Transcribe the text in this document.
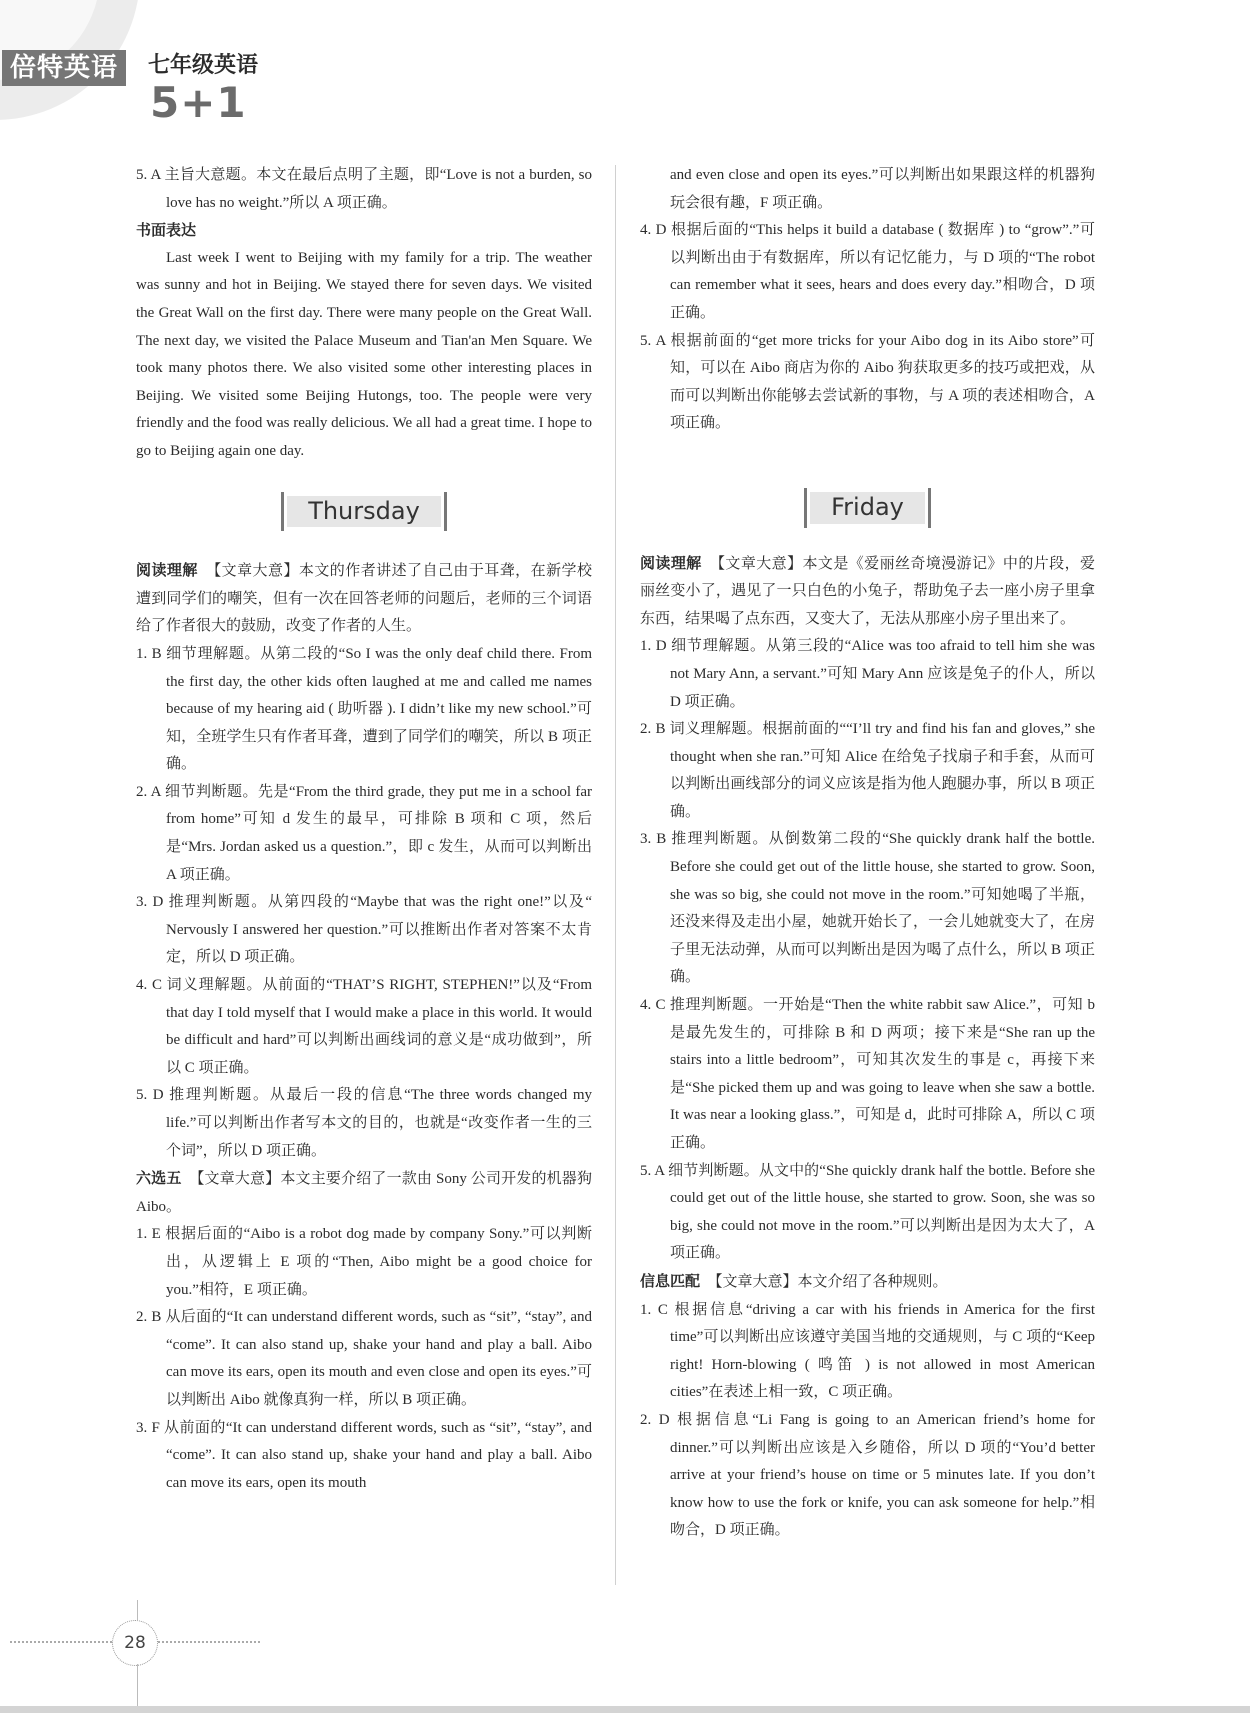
倍特英语	七年级英语
5+1

5. A 主旨大意题。本文在最后点明了主题，即“Love is not a burden, so love has no weight.”所以 A 项正确。

书面表达

Last week I went to Beijing with my family for a trip. The weather was sunny and hot in Beijing. We stayed there for seven days. We visited the Great Wall on the first day. There were many people on the Great Wall. The next day, we visited the Palace Museum and Tian'an Men Square. We took many photos there. We also visited some other interesting places in Beijing. We visited some Beijing Hutongs, too. The people were very friendly and the food was really delicious. We all had a great time. I hope to go to Beijing again one day.

Thursday

阅读理解 【文章大意】本文的作者讲述了自己由于耳聋，在新学校遭到同学们的嘲笑，但有一次在回答老师的问题后，老师的三个词语给了作者很大的鼓励，改变了作者的人生。

1. B 细节理解题。从第二段的“So I was the only deaf child there. From the first day, the other kids often laughed at me and called me names because of my hearing aid ( 助听器 ). I didn’t like my new school.”可知，全班学生只有作者耳聋，遭到了同学们的嘲笑，所以 B 项正确。

2. A 细节判断题。先是“From the third grade, they put me in a school far from home”可知 d 发生的最早，可排除 B 项和 C 项，然后是“Mrs. Jordan asked us a question.”，即 c 发生，从而可以判断出 A 项正确。

3. D 推理判断题。从第四段的“Maybe that was the right one!”以及“ Nervously I answered her question.”可以推断出作者对答案不太肯定，所以 D 项正确。

4. C 词义理解题。从前面的“THAT’S RIGHT, STEPHEN!”以及“From that day I told myself that I would make a place in this world. It would be difficult and hard”可以判断出画线词的意义是“成功做到”，所以 C 项正确。

5. D 推理判断题。从最后一段的信息“The three words changed my life.”可以判断出作者写本文的目的，也就是“改变作者一生的三个词”，所以 D 项正确。

六选五 【文章大意】本文主要介绍了一款由 Sony 公司开发的机器狗 Aibo。

1. E 根据后面的“Aibo is a robot dog made by company Sony.”可以判断出，从逻辑上 E 项的“Then, Aibo might be a good choice for you.”相符，E 项正确。

2. B 从后面的“It can understand different words, such as “sit”, “stay”, and “come”. It can also stand up, shake your hand and play a ball. Aibo can move its ears, open its mouth and even close and open its eyes.”可以判断出 Aibo 就像真狗一样，所以 B 项正确。

3. F 从前面的“It can understand different words, such as “sit”, “stay”, and “come”. It can also stand up, shake your hand and play a ball. Aibo can move its ears, open its mouth

and even close and open its eyes.”可以判断出如果跟这样的机器狗玩会很有趣，F 项正确。

4. D 根据后面的“This helps it build a database ( 数据库 ) to “grow”.”可以判断出由于有数据库，所以有记忆能力，与 D 项的“The robot can remember what it sees, hears and does every day.”相吻合，D 项正确。

5. A 根据前面的“get more tricks for your Aibo dog in its Aibo store”可知，可以在 Aibo 商店为你的 Aibo 狗获取更多的技巧或把戏，从而可以判断出你能够去尝试新的事物，与 A 项的表述相吻合，A 项正确。

Friday

阅读理解 【文章大意】本文是《爱丽丝奇境漫游记》中的片段，爱丽丝变小了，遇见了一只白色的小兔子，帮助兔子去一座小房子里拿东西，结果喝了点东西，又变大了，无法从那座小房子里出来了。

1. D 细节理解题。从第三段的“Alice was too afraid to tell him she was not Mary Ann, a servant.”可知 Mary Ann 应该是兔子的仆人，所以 D 项正确。

2. B 词义理解题。根据前面的““I’ll try and find his fan and gloves,” she thought when she ran.”可知 Alice 在给兔子找扇子和手套，从而可以判断出画线部分的词义应该是指为他人跑腿办事，所以 B 项正确。

3. B 推理判断题。从倒数第二段的“She quickly drank half the bottle. Before she could get out of the little house, she started to grow. Soon, she was so big, she could not move in the room.”可知她喝了半瓶，还没来得及走出小屋，她就开始长了，一会儿她就变大了，在房子里无法动弹，从而可以判断出是因为喝了点什么，所以 B 项正确。

4. C 推理判断题。一开始是“Then the white rabbit saw Alice.”，可知 b 是最先发生的，可排除 B 和 D 两项；接下来是“She ran up the stairs into a little bedroom”，可知其次发生的事是 c，再接下来是“She picked them up and was going to leave when she saw a bottle. It was near a looking glass.”，可知是 d，此时可排除 A，所以 C 项正确。

5. A 细节判断题。从文中的“She quickly drank half the bottle. Before she could get out of the little house, she started to grow. Soon, she was so big, she could not move in the room.”可以判断出是因为太大了，A 项正确。

信息匹配 【文章大意】本文介绍了各种规则。

1. C 根据信息“driving a car with his friends in America for the first time”可以判断出应该遵守美国当地的交通规则，与 C 项的“Keep right! Horn-blowing ( 鸣笛 ) is not allowed in most American cities”在表述上相一致，C 项正确。

2. D 根据信息“Li Fang is going to an American friend’s home for dinner.”可以判断出应该是入乡随俗，所以 D 项的“You’d better arrive at your friend’s house on time or 5 minutes late. If you don’t know how to use the fork or knife, you can ask someone for help.”相吻合，D 项正确。

28
